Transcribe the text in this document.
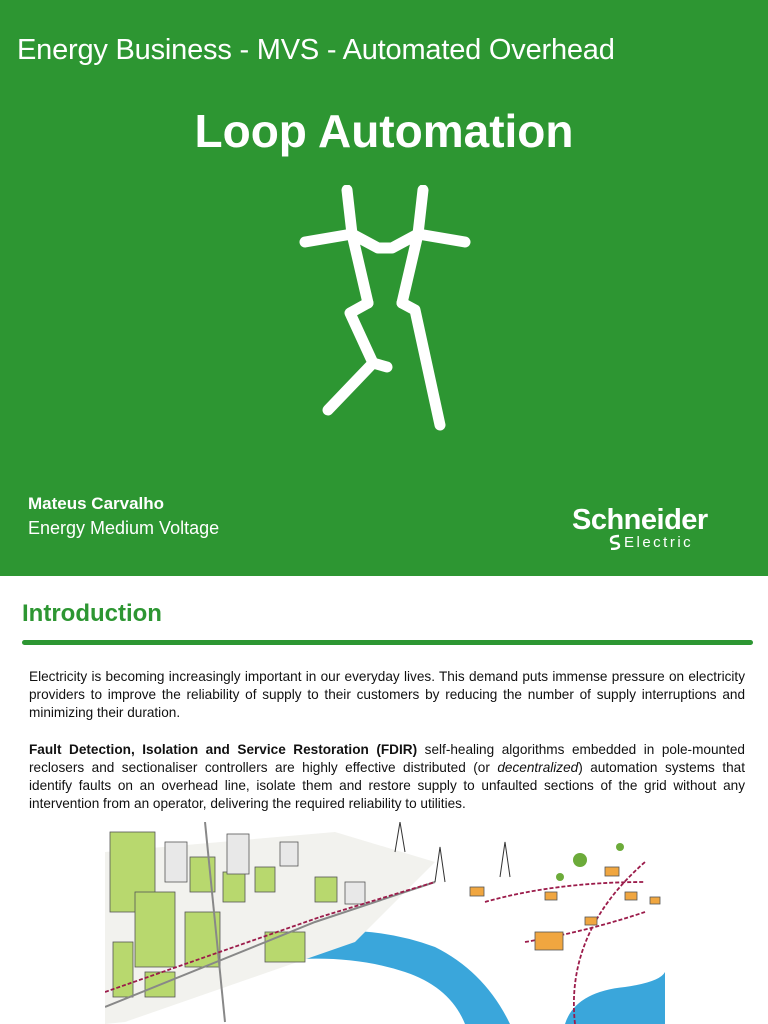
Energy Business - MVS - Automated Overhead
Loop Automation
Mateus Carvalho
Energy Medium Voltage	Schneider
Electric
Introduction

Electricity is becoming increasingly important in our everyday lives. This demand puts immense pressure on electricity providers to improve the reliability of supply to their customers by reducing the number of supply interruptions and minimizing their duration.

Fault Detection, Isolation and Service Restoration (FDIR) self-healing algorithms embedded in pole-mounted reclosers and sectionaliser controllers are highly effective distributed (or decentralized) automation systems that identify faults on an overhead line, isolate them and restore supply to unfaulted sections of the grid without any intervention from an operator, delivering the required reliability to utilities.
